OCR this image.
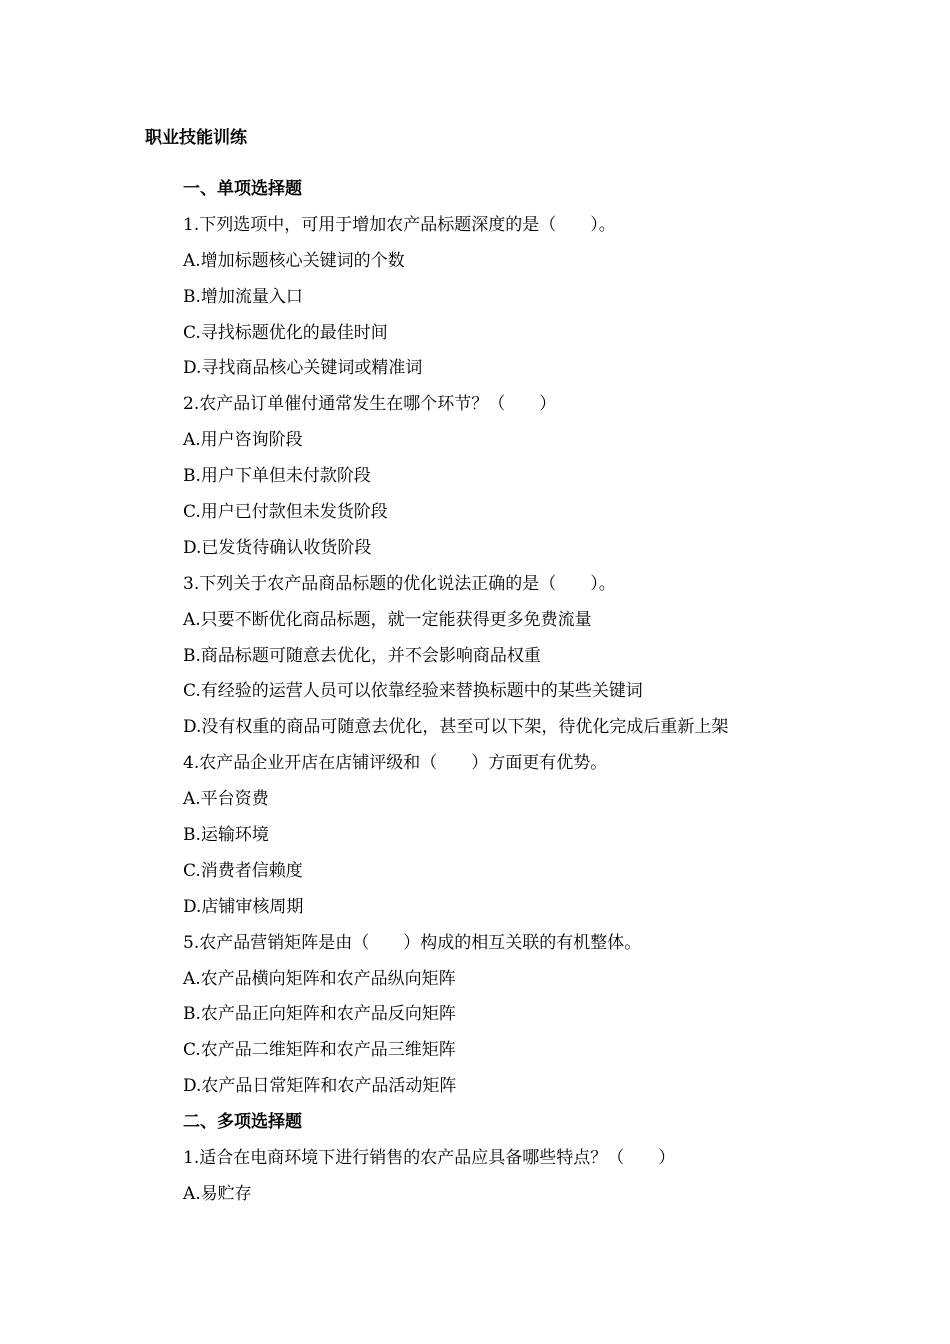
职业技能训练
一、单项选择题
1.下列选项中，可用于增加农产品标题深度的是（　　）。
A.增加标题核心关键词的个数
B.增加流量入口
C.寻找标题优化的最佳时间
D.寻找商品核心关键词或精准词
2.农产品订单催付通常发生在哪个环节？（　　）
A.用户咨询阶段
B.用户下单但未付款阶段
C.用户已付款但未发货阶段
D.已发货待确认收货阶段
3.下列关于农产品商品标题的优化说法正确的是（　　）。
A.只要不断优化商品标题，就一定能获得更多免费流量
B.商品标题可随意去优化，并不会影响商品权重
C.有经验的运营人员可以依靠经验来替换标题中的某些关键词
D.没有权重的商品可随意去优化，甚至可以下架，待优化完成后重新上架
4.农产品企业开店在店铺评级和（　　）方面更有优势。
A.平台资费
B.运输环境
C.消费者信赖度
D.店铺审核周期
5.农产品营销矩阵是由（　　）构成的相互关联的有机整体。
A.农产品横向矩阵和农产品纵向矩阵
B.农产品正向矩阵和农产品反向矩阵
C.农产品二维矩阵和农产品三维矩阵
D.农产品日常矩阵和农产品活动矩阵
二、多项选择题
1.适合在电商环境下进行销售的农产品应具备哪些特点？（　　）
A.易贮存
